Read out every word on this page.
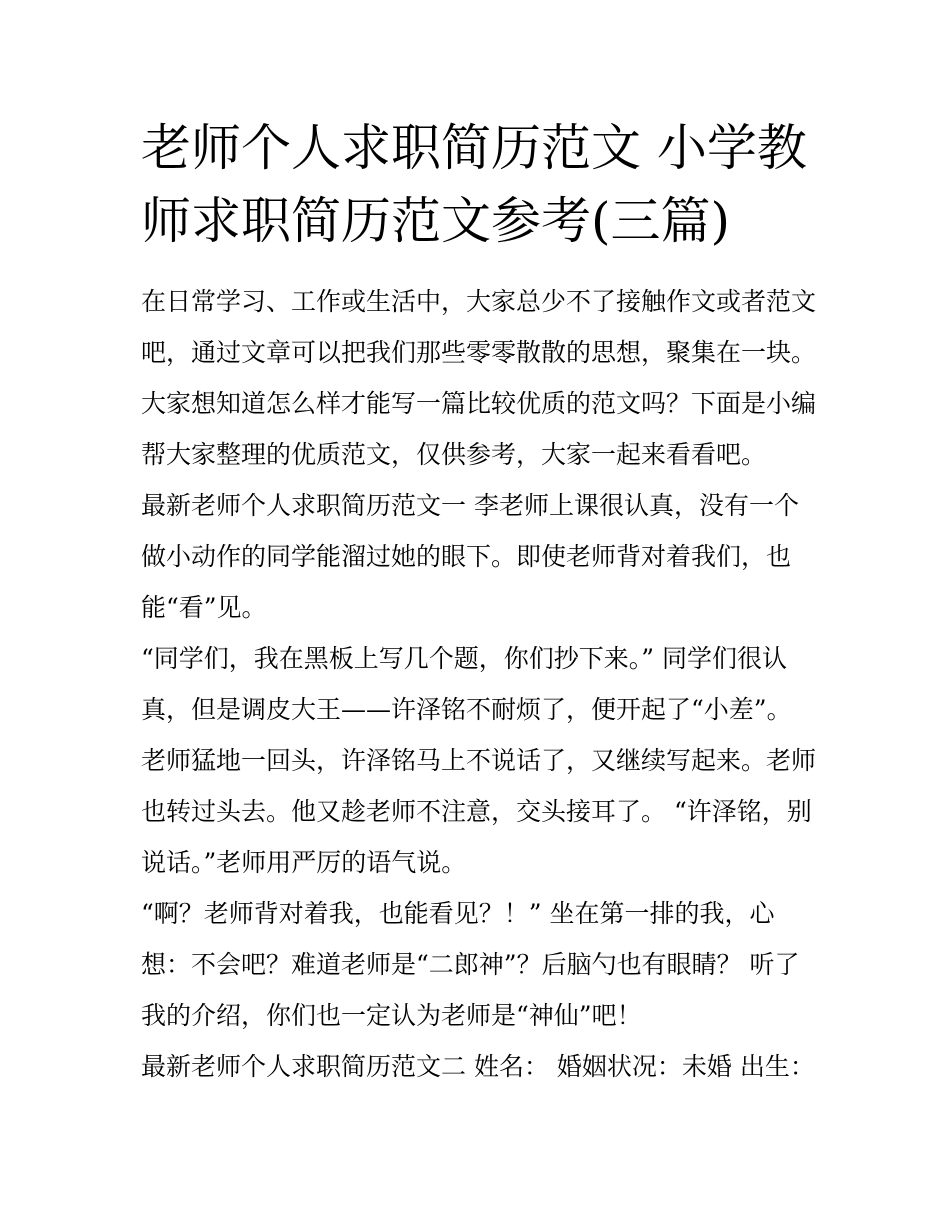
老师个人求职简历范文 小学教
师求职简历范文参考(三篇)
在日常学习、工作或生活中，大家总少不了接触作文或者范文
吧，通过文章可以把我们那些零零散散的思想，聚集在一块。
大家想知道怎么样才能写一篇比较优质的范文吗？下面是小编
帮大家整理的优质范文，仅供参考，大家一起来看看吧。
最新老师个人求职简历范文一 李老师上课很认真，没有一个
做小动作的同学能溜过她的眼下。即使老师背对着我们，也
能“看”见。
“同学们，我在黑板上写几个题，你们抄下来。” 同学们很认
真，但是调皮大王——许泽铭不耐烦了，便开起了“小差”。
老师猛地一回头，许泽铭马上不说话了，又继续写起来。老师
也转过头去。他又趁老师不注意，交头接耳了。 “许泽铭，别
说话。”老师用严厉的语气说。
“啊？老师背对着我，也能看见？！” 坐在第一排的我，心
想：不会吧？难道老师是“二郎神”？后脑勺也有眼睛？ 听了
我的介绍，你们也一定认为老师是“神仙”吧！
最新老师个人求职简历范文二 姓名： 婚姻状况：未婚 出生：
